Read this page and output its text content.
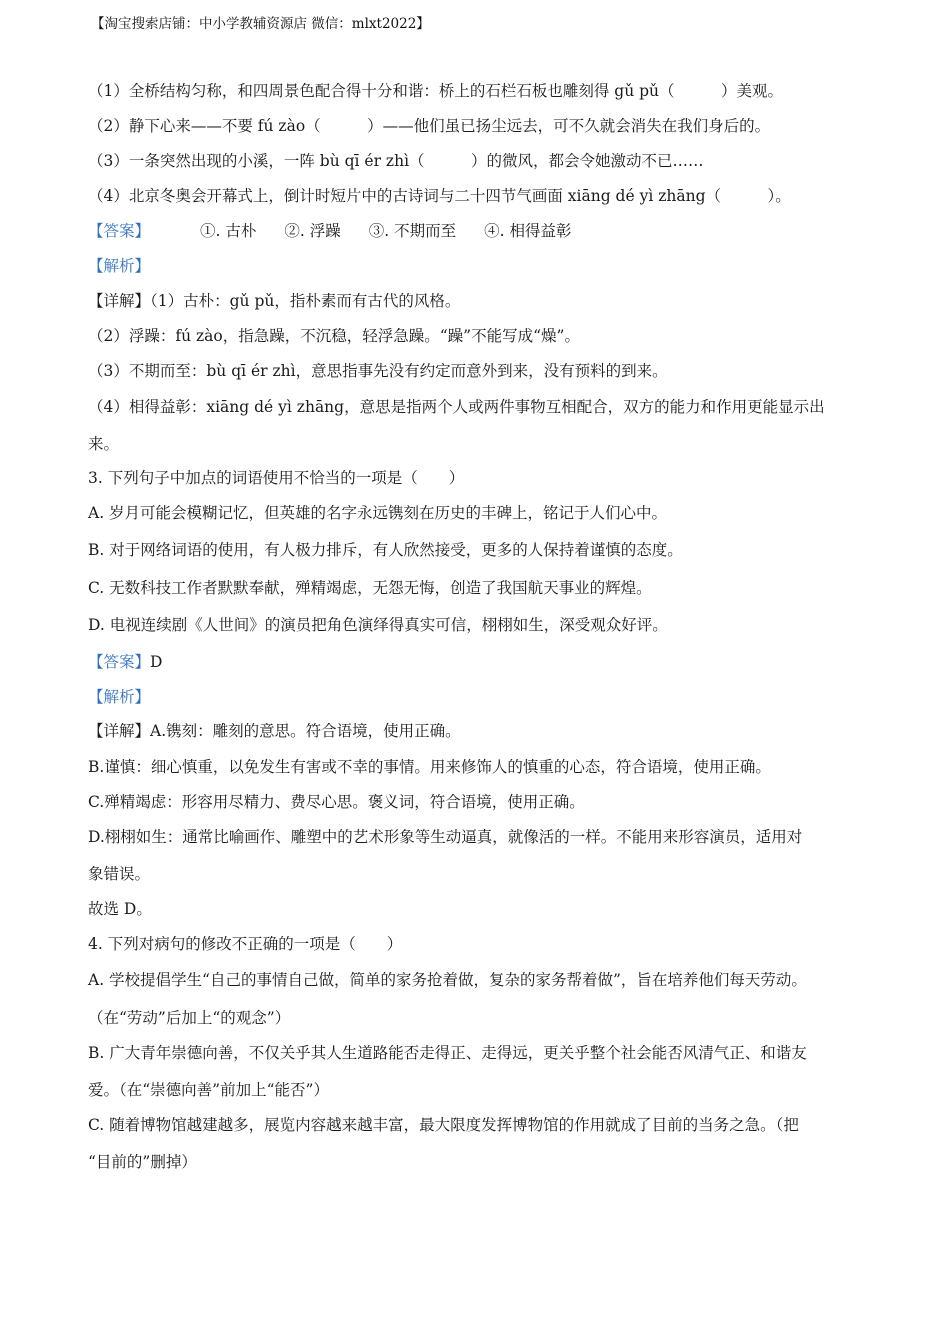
【淘宝搜索店铺：中小学教辅资源店 微信：mlxt2022】
（1）全桥结构匀称，和四周景色配合得十分和谐：桥上的石栏石板也雕刻得 gǔ pǔ（　　　）美观。
（2）静下心来——不要 fú zào（　　　）——他们虽已扬尘远去，可不久就会消失在我们身后的。
（3）一条突然出现的小溪，一阵 bù qī ér zhì（　　　）的微风，都会令她激动不已……
（4）北京冬奥会开幕式上，倒计时短片中的古诗词与二十四节气画面 xiāng dé yì zhāng（　　　）。
【答案】	①. 古朴 ②. 浮躁 ③. 不期而至 ④. 相得益彰
【解析】
【详解】（1）古朴：gǔ pǔ，指朴素而有古代的风格。
（2）浮躁：fú zào，指急躁，不沉稳，轻浮急躁。“躁”不能写成“燥”。
（3）不期而至：bù qī ér zhì，意思指事先没有约定而意外到来，没有预料的到来。
（4）相得益彰：xiāng dé yì zhāng，意思是指两个人或两件事物互相配合，双方的能力和作用更能显示出
来。
3. 下列句子中加点的词语使用不恰当的一项是（　　）
A. 岁月可能会模糊记忆，但英雄的名字永远镌刻在历史的丰碑上，铭记于人们心中。
B. 对于网络词语的使用，有人极力排斥，有人欣然接受，更多的人保持着谨慎的态度。
C. 无数科技工作者默默奉献，殚精竭虑，无怨无悔，创造了我国航天事业的辉煌。
D. 电视连续剧《人世间》的演员把角色演绎得真实可信，栩栩如生，深受观众好评。
【答案】D
【解析】
【详解】A.镌刻：雕刻的意思。符合语境，使用正确。
B.谨慎：细心慎重，以免发生有害或不幸的事情。用来修饰人的慎重的心态，符合语境，使用正确。
C.殚精竭虑：形容用尽精力、费尽心思。褒义词，符合语境，使用正确。
D.栩栩如生：通常比喻画作、雕塑中的艺术形象等生动逼真，就像活的一样。不能用来形容演员，适用对
象错误。
故选 D。
4. 下列对病句的修改不正确的一项是（　　）
A. 学校提倡学生“自己的事情自己做，简单的家务抢着做，复杂的家务帮着做”，旨在培养他们每天劳动。
（在“劳动”后加上“的观念”）
B. 广大青年崇德向善，不仅关乎其人生道路能否走得正、走得远，更关乎整个社会能否风清气正、和谐友
爱。（在“崇德向善”前加上“能否”）
C. 随着博物馆越建越多，展览内容越来越丰富，最大限度发挥博物馆的作用就成了目前的当务之急。（把
“目前的”删掉）
